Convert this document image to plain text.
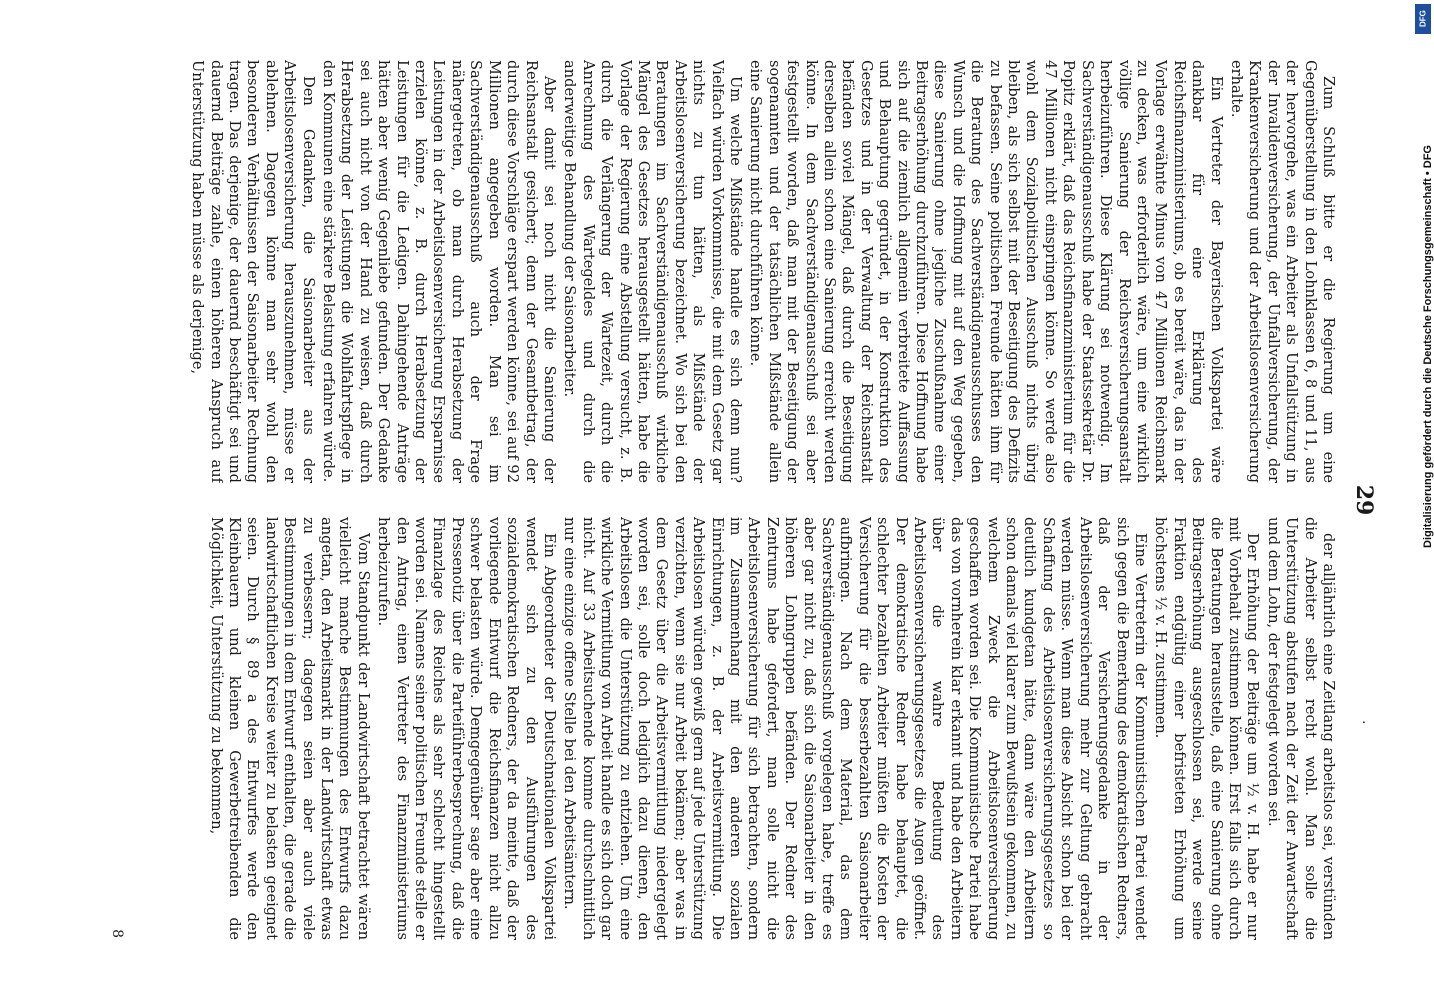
29
.

Zum Schluß bitte er die Regierung um eine Gegenüberstellung in den Lohnklassen 6, 8 und 11, aus der hervorgehe, was ein Arbeiter als Unfallstützung in der Invalidenversicherung, der Unfallversicherung, der Krankenversicherung und der Arbeitslosenversicherung erhalte.

Ein Vertreter der Bayerischen Volkspartei wäre dankbar für eine Erklärung des Reichsfinanzministeriums, ob es bereit wäre, das in der Vorlage erwähnte Minus von 47 Millionen Reichsmark zu decken, was erforderlich wäre, um eine wirklich völlige Sanierung der Reichsversicherungsanstalt herbeizuführen. Diese Klärung sei notwendig. Im Sachverständigenausschuß habe der Staatssekretär Dr. Popitz erklärt, daß das Reichsfinanzministerium für die 47 Millionen nicht einspringen könne. So werde also wohl dem Sozialpolitischen Ausschuß nichts übrig bleiben, als sich selbst mit der Beseitigung des Defizits zu befassen. Seine politischen Freunde hätten ihm für die Beratung des Sachverständigenausschusses den Wunsch und die Hoffnung mit auf den Weg gegeben, diese Sanierung ohne jegliche Zuschußnahme einer Beitragserhöhung durchzuführen. Diese Hoffnung habe sich auf die ziemlich allgemein verbreitete Auffassung und Behauptung gegründet, in der Konstruktion des Gesetzes und in der Verwaltung der Reichsanstalt befänden soviel Mängel, daß durch die Beseitigung derselben allein schon eine Sanierung erreicht werden könne. In dem Sachverständigenausschuß sei aber festgestellt worden, daß man mit der Beseitigung der sogenannten und der tatsächlichen Mißstände allein eine Sanierung nicht durchführen könne.

Um welche Mißstände handle es sich denn nun? Vielfach würden Vorkommnisse, die mit dem Gesetz gar nichts zu tun hätten, als Mißstände der Arbeitslosenversicherung bezeichnet. Wo sich bei den Beratungen im Sachverständigenausschuß wirkliche Mängel des Gesetzes herausgestellt hätten, habe die Vorlage der Regierung eine Abstellung versucht, z. B. durch die Verlängerung der Wartezeit, durch die Anrechnung des Wartegeldes und durch die anderweitige Behandlung der Saisonarbeiter.

Aber damit sei noch nicht die Sanierung der Reichsanstalt gesichert; denn der Gesamtbetrag, der durch diese Vorschläge erspart werden könne, sei auf 92 Millionen angegeben worden. Man sei im Sachverständigenausschuß auch der Frage nähergetreten, ob man durch Herabsetzung der Leistungen in der Arbeitslosenversicherung Ersparnisse erzielen könne, z. B. durch Herabsetzung der Leistungen für die Ledigen. Dahingehende Anträge hätten aber wenig Gegenliebe gefunden. Der Gedanke sei auch nicht von der Hand zu weisen, daß durch Herabsetzung der Leistungen die Wohlfahrtspflege in den Kommunen eine stärkere Belastung erfahren würde.

Den Gedanken, die Saisonarbeiter aus der Arbeitslosenversicherung herauszunehmen, müsse er ablehnen. Dagegen könne man sehr wohl den besonderen Verhältnissen der Saisonarbeiter Rechnung tragen. Das derjenige, der dauernd beschäftigt sei und dauernd Beiträge zahle, einen höheren Anspruch auf Unterstützung haben müsse als derjenige,

der alljährlich eine Zeitlang arbeitslos sei, verstünden die Arbeiter selbst recht wohl. Man solle die Unterstützung abstufen nach der Zeit der Anwartschaft und dem Lohn, der festgelegt worden sei.

Der Erhöhung der Beiträge um ½ v. H. habe er nur mit Vorbehalt zustimmen können. Erst falls sich durch die Beratungen herausstelle, daß eine Sanierung ohne Beitragserhöhung ausgeschlossen sei, werde seine Fraktion endgültig einer befristeten Erhöhung um höchstens ½ v. H. zustimmen.

Eine Vertreterin der Kommunistischen Partei wendet sich gegen die Bemerkung des demokratischen Redners, daß der Versicherungsgedanke in der Arbeitslosenversicherung mehr zur Geltung gebracht werden müsse. Wenn man diese Absicht schon bei der Schaffung des Arbeitslosenversicherungsgesetzes so deutlich kundgetan hätte, dann wäre den Arbeitern schon damals viel klarer zum Bewußtsein gekommen, zu welchem Zweck die Arbeitslosenversicherung geschaffen worden sei. Die Kommunistische Partei habe das von vornherein klar erkannt und habe den Arbeitern über die wahre Bedeutung des Arbeitslosenversicherungsgesetzes die Augen geöffnet. Der demokratische Redner habe behauptet, die schlechter bezahlten Arbeiter müßten die Kosten der Versicherung für die besserbezahlten Saisonarbeiter aufbringen. Nach dem Material, das dem Sachverständigenausschuß vorgelegen habe, treffe es aber gar nicht zu, daß sich die Saisonarbeiter in den höheren Lohngruppen befänden. Der Redner des Zentrums habe gefordert, man solle nicht die Arbeitslosenversicherung für sich betrachten, sondern im Zusammenhang mit den anderen sozialen Einrichtungen, z. B. der Arbeitsvermittlung. Die Arbeitslosen würden gewiß gern auf jede Unterstützung verzichten, wenn sie nur Arbeit bekämen; aber was in dem Gesetz über die Arbeitsvermittlung niedergelegt worden sei, solle doch lediglich dazu dienen, den Arbeitslosen die Unterstützung zu entziehen. Um eine wirkliche Vermittlung von Arbeit handle es sich doch gar nicht. Auf 33 Arbeitsuchende komme durchschnittlich nur eine einzige offene Stelle bei den Arbeitsämtern.

Ein Abgeordneter der Deutschnationalen Volkspartei wendet sich zu den Ausführungen des sozialdemokratischen Redners, der da meinte, daß der vorliegende Entwurf die Reichsfinanzen nicht allzu schwer belasten würde. Demgegenüber sage aber eine Pressenotiz über die Parteiführerbesprechung, daß die Finanzlage des Reiches als sehr schlecht hingestellt worden sei. Namens seiner politischen Freunde stelle er den Antrag, einen Vertreter des Finanzministeriums herbeizurufen.

Vom Standpunkt der Landwirtschaft betrachtet wären vielleicht manche Bestimmungen des Entwurfs dazu angetan, den Arbeitsmarkt in der Landwirtschaft etwas zu verbessern; dagegen seien aber auch viele Bestimmungen in dem Entwurf enthalten, die gerade die landwirtschaftlichen Kreise weiter zu belasten geeignet seien. Durch § 89 a des Entwurfes werde den Kleinbauern und kleinen Gewerbetreibenden die Möglichkeit, Unterstützung zu bekommen,

8
DFG
Digitalisierung gefördert durch die Deutsche Forschungsgemeinschaft • DFG
